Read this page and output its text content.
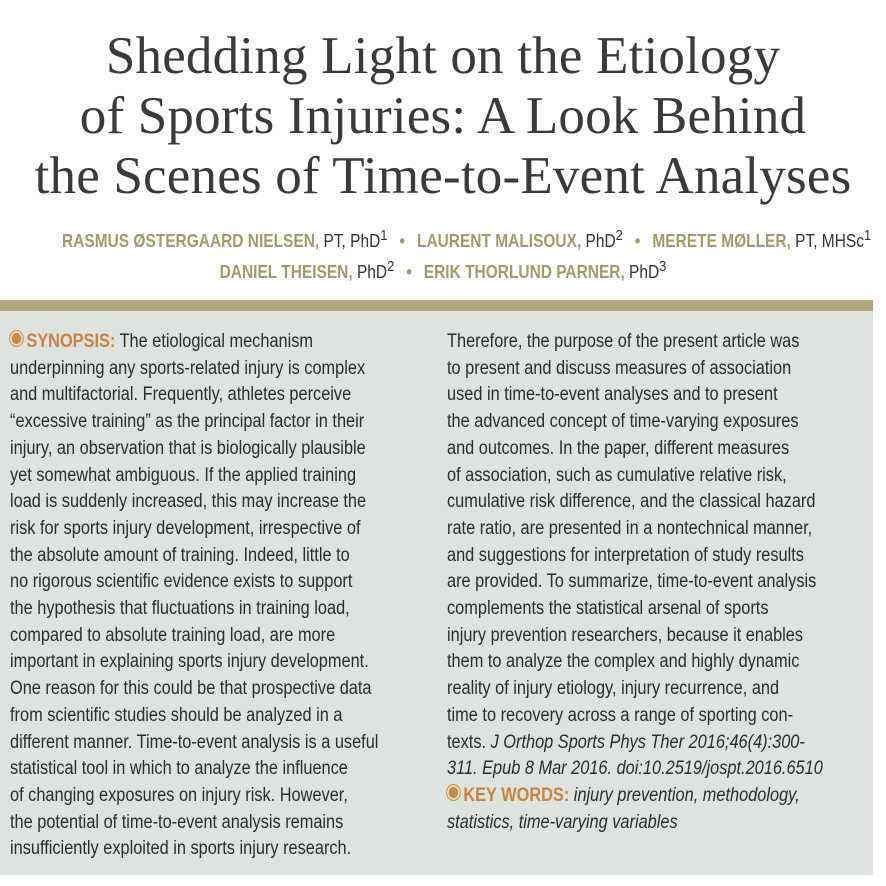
Shedding Light on the Etiology
of Sports Injuries: A Look Behind
the Scenes of Time-to-Event Analyses
RASMUS ØSTERGAARD NIELSEN, PT, PhD$^1$ • LAURENT MALISOUX, PhD$^2$ • MERETE MØLLER, PT, MHSc$^1$
DANIEL THEISEN, PhD$^2$ • ERIK THORLUND PARNER, PhD$^3$

SYNOPSIS: The etiological mechanism
underpinning any sports-related injury is complex
and multifactorial. Frequently, athletes perceive
“excessive training” as the principal factor in their
injury, an observation that is biologically plausible
yet somewhat ambiguous. If the applied training
load is suddenly increased, this may increase the
risk for sports injury development, irrespective of
the absolute amount of training. Indeed, little to
no rigorous scientific evidence exists to support
the hypothesis that fluctuations in training load,
compared to absolute training load, are more
important in explaining sports injury development.
One reason for this could be that prospective data
from scientific studies should be analyzed in a
different manner. Time-to-event analysis is a useful
statistical tool in which to analyze the influence
of changing exposures on injury risk. However,
the potential of time-to-event analysis remains
insufficiently exploited in sports injury research.

Therefore, the purpose of the present article was
to present and discuss measures of association
used in time-to-event analyses and to present
the advanced concept of time-varying exposures
and outcomes. In the paper, different measures
of association, such as cumulative relative risk,
cumulative risk difference, and the classical hazard
rate ratio, are presented in a nontechnical manner,
and suggestions for interpretation of study results
are provided. To summarize, time-to-event analysis
complements the statistical arsenal of sports
injury prevention researchers, because it enables
them to analyze the complex and highly dynamic
reality of injury etiology, injury recurrence, and
time to recovery across a range of sporting con-
texts. J Orthop Sports Phys Ther 2016;46(4):300-
311. Epub 8 Mar 2016. doi:10.2519/jospt.2016.6510

KEY WORDS: injury prevention, methodology,
statistics, time-varying variables
